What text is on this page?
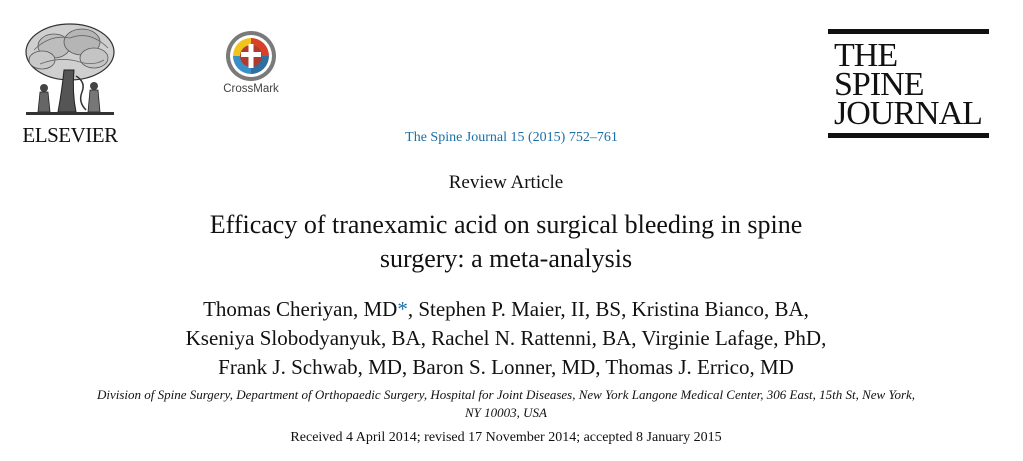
ELSEVIER
CrossMark
THE
SPINE
JOURNAL
The Spine Journal 15 (2015) 752–761
Review Article
Efficacy of tranexamic acid on surgical bleeding in spine
surgery: a meta-analysis
Thomas Cheriyan, MD*, Stephen P. Maier, II, BS, Kristina Bianco, BA,
Kseniya Slobodyanyuk, BA, Rachel N. Rattenni, BA, Virginie Lafage, PhD,
Frank J. Schwab, MD, Baron S. Lonner, MD, Thomas J. Errico, MD
Division of Spine Surgery, Department of Orthopaedic Surgery, Hospital for Joint Diseases, New York Langone Medical Center, 306 East, 15th St, New York,
NY 10003, USA
Received 4 April 2014; revised 17 November 2014; accepted 8 January 2015
